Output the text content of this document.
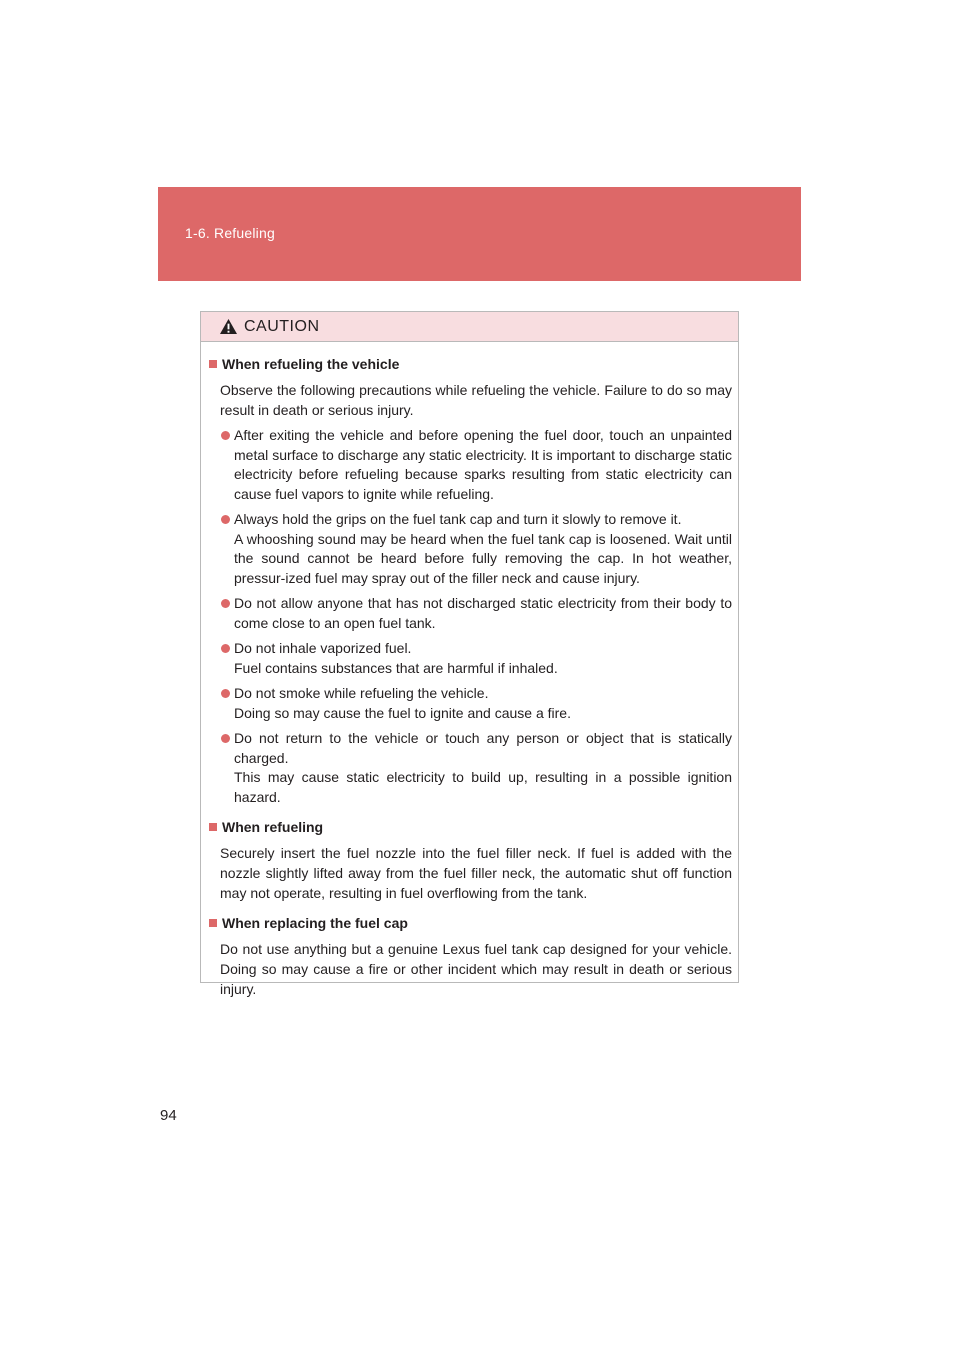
1-6. Refueling
CAUTION
When refueling the vehicle
Observe the following precautions while refueling the vehicle. Failure to do so may result in death or serious injury.
After exiting the vehicle and before opening the fuel door, touch an unpainted metal surface to discharge any static electricity. It is important to discharge static electricity before refueling because sparks resulting from static electricity can cause fuel vapors to ignite while refueling.
Always hold the grips on the fuel tank cap and turn it slowly to remove it.
A whooshing sound may be heard when the fuel tank cap is loosened. Wait until the sound cannot be heard before fully removing the cap. In hot weather, pressur-ized fuel may spray out of the filler neck and cause injury.
Do not allow anyone that has not discharged static electricity from their body to come close to an open fuel tank.
Do not inhale vaporized fuel.
Fuel contains substances that are harmful if inhaled.
Do not smoke while refueling the vehicle.
Doing so may cause the fuel to ignite and cause a fire.
Do not return to the vehicle or touch any person or object that is statically charged.
This may cause static electricity to build up, resulting in a possible ignition hazard.
When refueling
Securely insert the fuel nozzle into the fuel filler neck. If fuel is added with the nozzle slightly lifted away from the fuel filler neck, the automatic shut off function may not operate, resulting in fuel overflowing from the tank.
When replacing the fuel cap
Do not use anything but a genuine Lexus fuel tank cap designed for your vehicle. Doing so may cause a fire or other incident which may result in death or serious injury.
94
